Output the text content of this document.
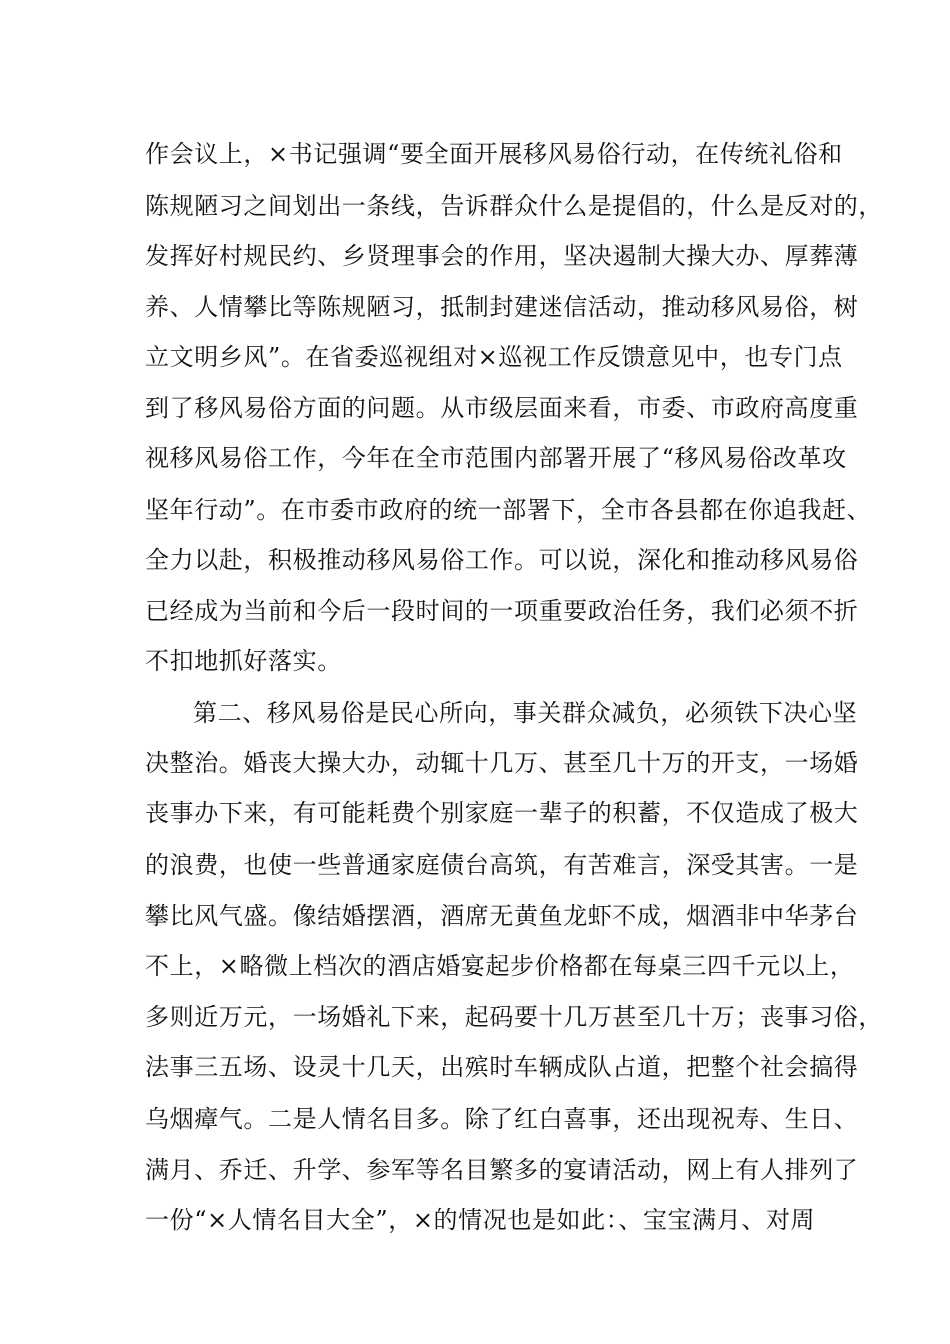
作会议上，×书记强调“要全面开展移风易俗行动，在传统礼俗和

陈规陋习之间划出一条线，告诉群众什么是提倡的，什么是反对的，

发挥好村规民约、乡贤理事会的作用，坚决遏制大操大办、厚葬薄

养、人情攀比等陈规陋习，抵制封建迷信活动，推动移风易俗，树

立文明乡风”。在省委巡视组对×巡视工作反馈意见中，也专门点

到了移风易俗方面的问题。从市级层面来看，市委、市政府高度重

视移风易俗工作，今年在全市范围内部署开展了“移风易俗改革攻

坚年行动”。在市委市政府的统一部署下，全市各县都在你追我赶、

全力以赴，积极推动移风易俗工作。可以说，深化和推动移风易俗

已经成为当前和今后一段时间的一项重要政治任务，我们必须不折

不扣地抓好落实。

第二、移风易俗是民心所向，事关群众减负，必须铁下决心坚

决整治。婚丧大操大办，动辄十几万、甚至几十万的开支，一场婚

丧事办下来，有可能耗费个别家庭一辈子的积蓄，不仅造成了极大

的浪费，也使一些普通家庭债台高筑，有苦难言，深受其害。一是

攀比风气盛。像结婚摆酒，酒席无黄鱼龙虾不成，烟酒非中华茅台

不上，×略微上档次的酒店婚宴起步价格都在每桌三四千元以上，

多则近万元，一场婚礼下来，起码要十几万甚至几十万；丧事习俗，

法事三五场、设灵十几天，出殡时车辆成队占道，把整个社会搞得

乌烟瘴气。二是人情名目多。除了红白喜事，还出现祝寿、生日、

满月、乔迁、升学、参军等名目繁多的宴请活动，网上有人排列了

一份“×人情名目大全”，×的情况也是如此：、宝宝满月、对周
